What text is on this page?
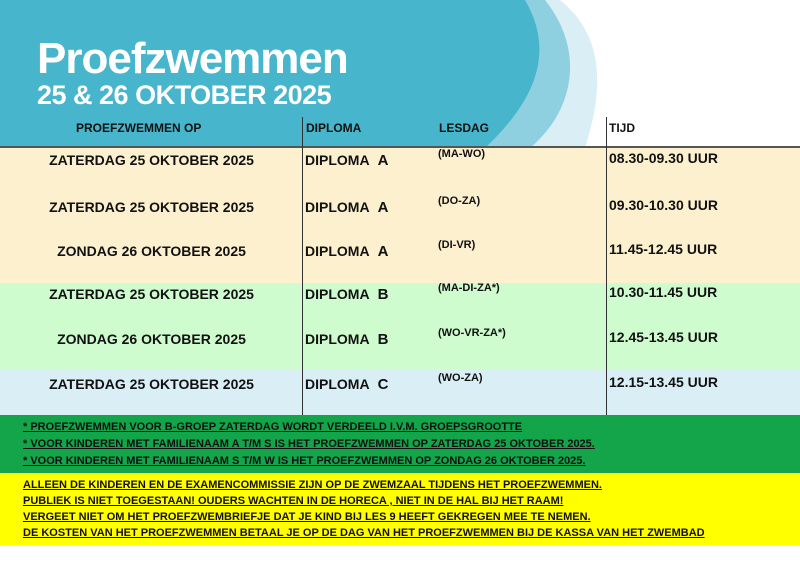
Proefzwemmen
25 & 26 OKTOBER 2025
PROEFZWEMMEN OP	DIPLOMA	LESDAG	TIJD
ZATERDAG 25 OKTOBER 2025	DIPLOMA A	(MA-WO)	08.30-09.30 UUR
ZATERDAG 25 OKTOBER 2025	DIPLOMA A	(DO-ZA)	09.30-10.30 UUR
ZONDAG 26 OKTOBER 2025	DIPLOMA A	(DI-VR)	11.45-12.45 UUR
ZATERDAG 25 OKTOBER 2025	DIPLOMA B	(MA-DI-ZA*)	10.30-11.45 UUR
ZONDAG 26 OKTOBER 2025	DIPLOMA B	(WO-VR-ZA*)	12.45-13.45 UUR
ZATERDAG 25 OKTOBER 2025	DIPLOMA C	(WO-ZA)	12.15-13.45 UUR
* PROEFZWEMMEN VOOR B-GROEP ZATERDAG WORDT VERDEELD I.V.M. GROEPSGROOTTE
* VOOR KINDEREN MET FAMILIENAAM A T/M S IS HET PROEFZWEMMEN OP ZATERDAG 25 OKTOBER 2025.
* VOOR KINDEREN MET FAMILIENAAM S T/M W IS HET PROEFZWEMMEN OP ZONDAG 26 OKTOBER 2025.
ALLEEN DE KINDEREN EN DE EXAMENCOMMISSIE ZIJN OP DE ZWEMZAAL TIJDENS HET PROEFZWEMMEN.
PUBLIEK IS NIET TOEGESTAAN! OUDERS WACHTEN IN DE HORECA , NIET IN DE HAL BIJ HET RAAM!
VERGEET NIET OM HET PROEFZWEMBRIEFJE DAT JE KIND BIJ LES 9 HEEFT GEKREGEN MEE TE NEMEN.
DE KOSTEN VAN HET PROEFZWEMMEN BETAAL JE OP DE DAG VAN HET PROEFZWEMMEN BIJ DE KASSA VAN HET ZWEMBAD
